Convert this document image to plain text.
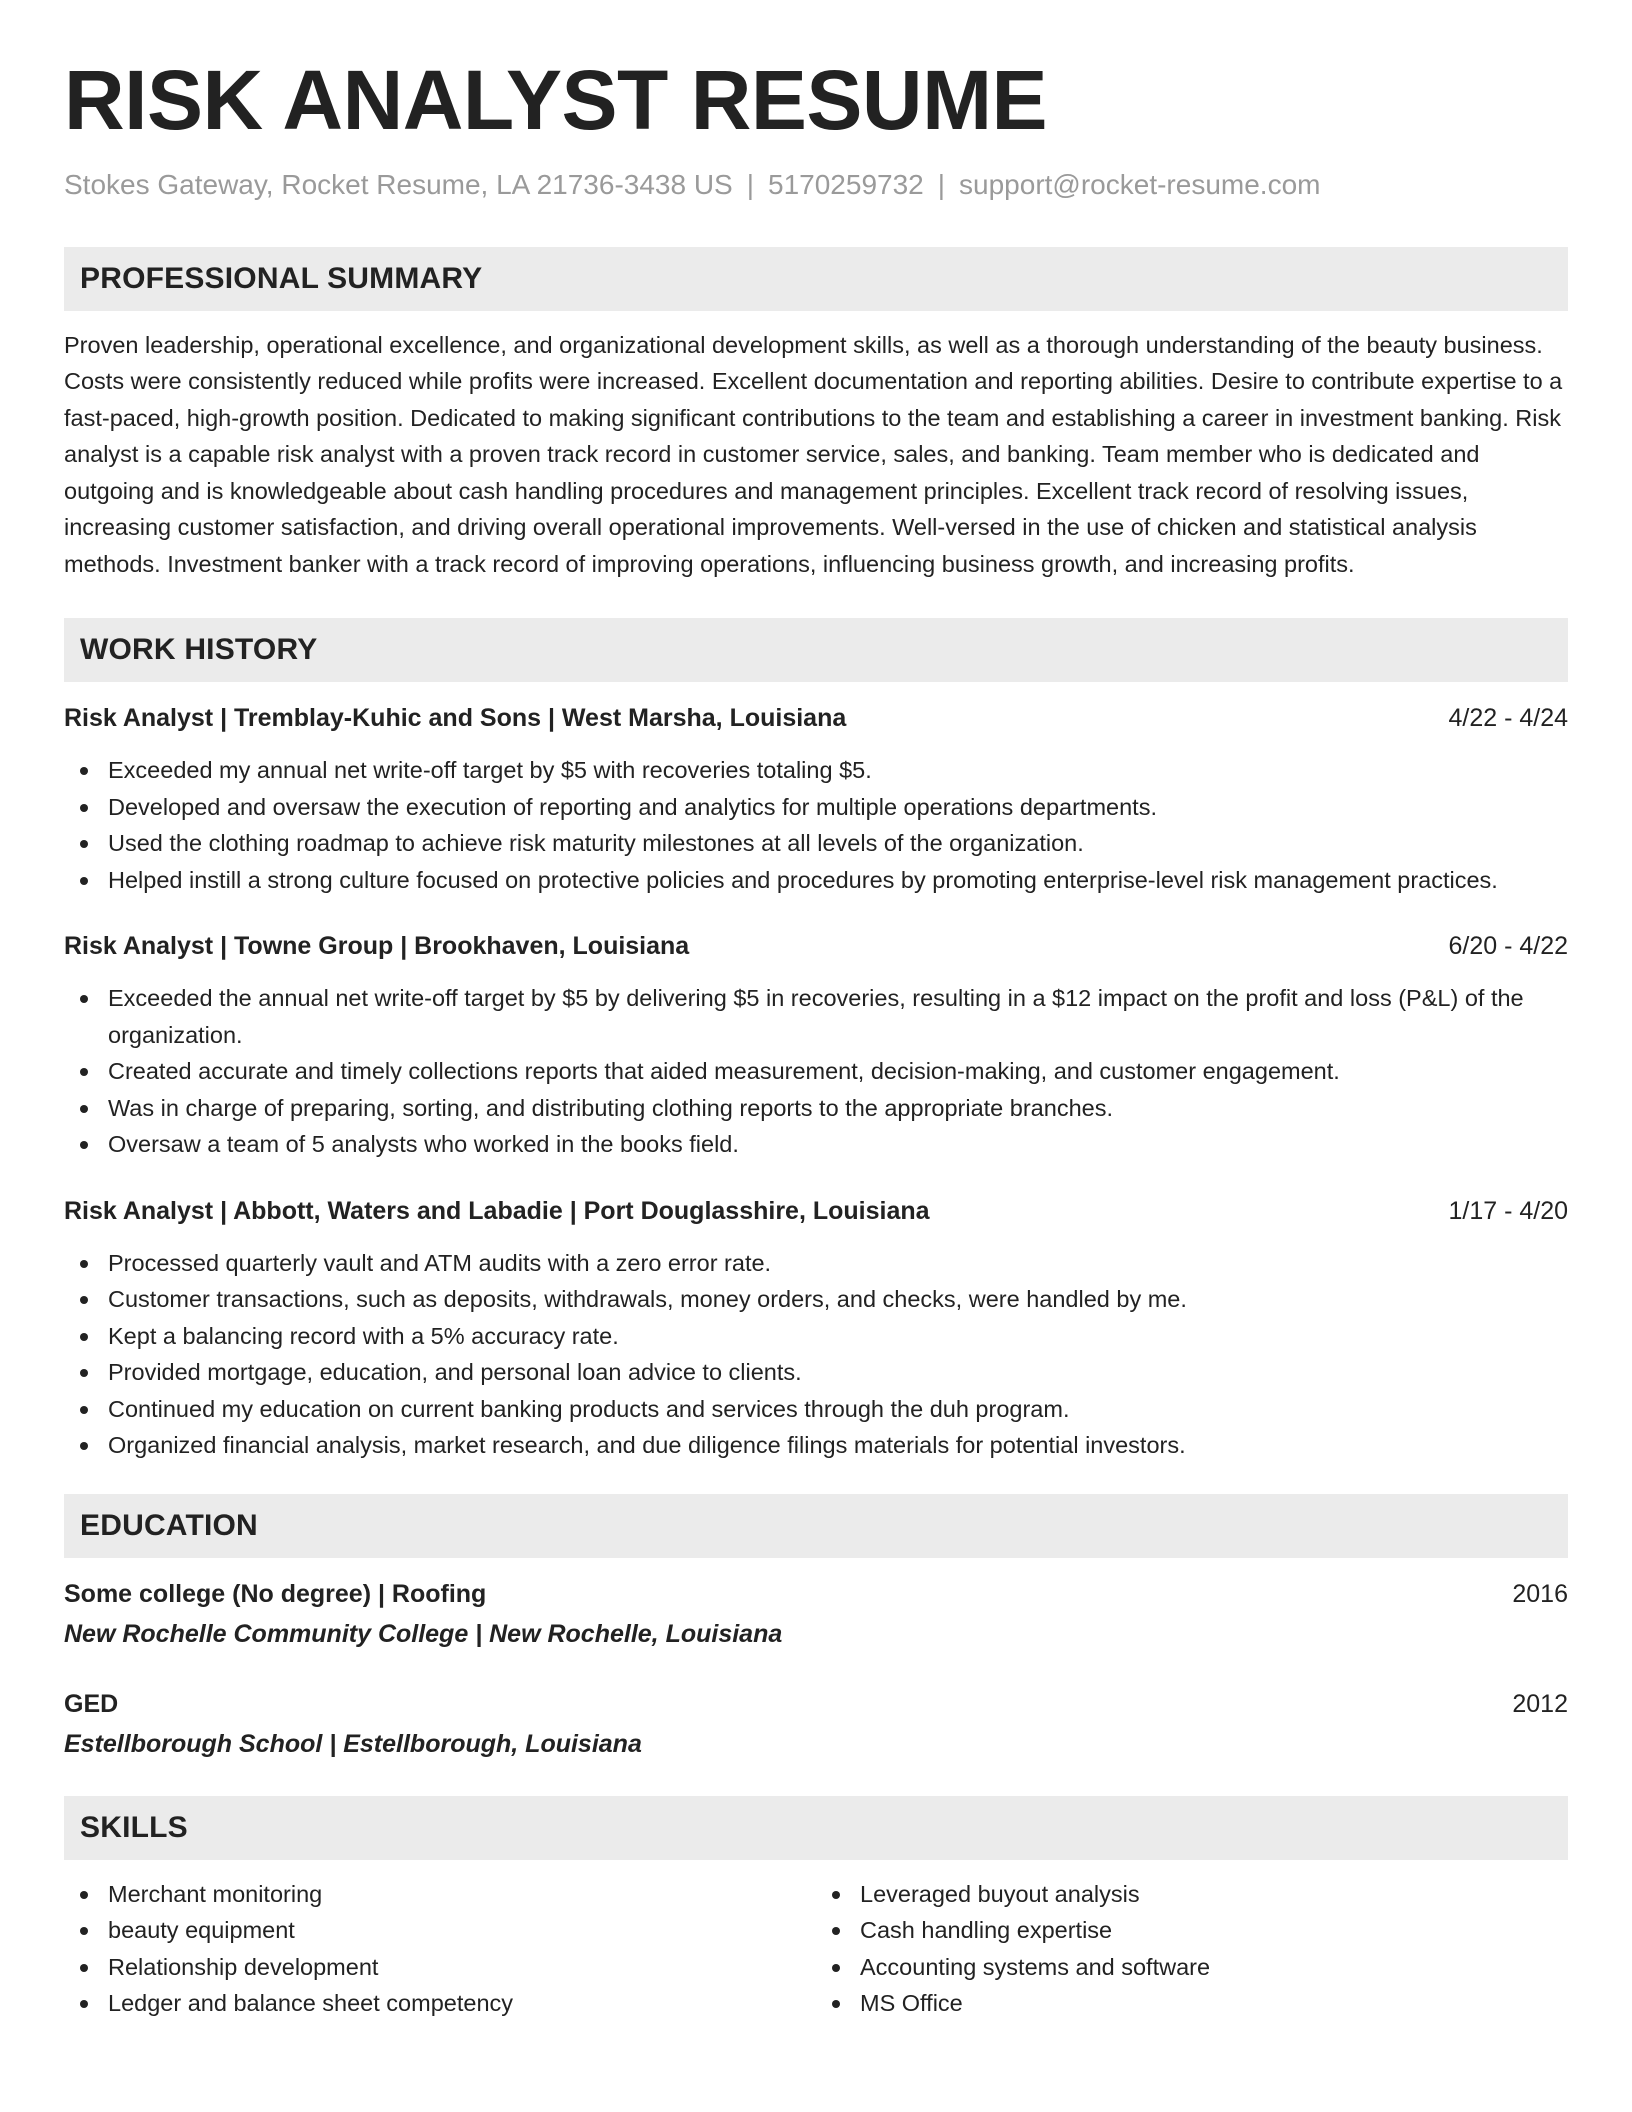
RISK ANALYST RESUME
Stokes Gateway, Rocket Resume, LA 21736-3438 US | 5170259732 | support@rocket-resume.com
PROFESSIONAL SUMMARY

Proven leadership, operational excellence, and organizational development skills, as well as a thorough understanding of the beauty business. Costs were consistently reduced while profits were increased. Excellent documentation and reporting abilities. Desire to contribute expertise to a fast-paced, high-growth position. Dedicated to making significant contributions to the team and establishing a career in investment banking. Risk analyst is a capable risk analyst with a proven track record in customer service, sales, and banking. Team member who is dedicated and outgoing and is knowledgeable about cash handling procedures and management principles. Excellent track record of resolving issues, increasing customer satisfaction, and driving overall operational improvements. Well-versed in the use of chicken and statistical analysis methods. Investment banker with a track record of improving operations, influencing business growth, and increasing profits.

WORK HISTORY
Risk Analyst | Tremblay-Kuhic and Sons | West Marsha, Louisiana	4/22 - 4/24
Exceeded my annual net write-off target by $5 with recoveries totaling $5.
Developed and oversaw the execution of reporting and analytics for multiple operations departments.
Used the clothing roadmap to achieve risk maturity milestones at all levels of the organization.
Helped instill a strong culture focused on protective policies and procedures by promoting enterprise-level risk management practices.
Risk Analyst | Towne Group | Brookhaven, Louisiana	6/20 - 4/22
Exceeded the annual net write-off target by $5 by delivering $5 in recoveries, resulting in a $12 impact on the profit and loss (P&L) of the organization.
Created accurate and timely collections reports that aided measurement, decision-making, and customer engagement.
Was in charge of preparing, sorting, and distributing clothing reports to the appropriate branches.
Oversaw a team of 5 analysts who worked in the books field.
Risk Analyst | Abbott, Waters and Labadie | Port Douglasshire, Louisiana	1/17 - 4/20
Processed quarterly vault and ATM audits with a zero error rate.
Customer transactions, such as deposits, withdrawals, money orders, and checks, were handled by me.
Kept a balancing record with a 5% accuracy rate.
Provided mortgage, education, and personal loan advice to clients.
Continued my education on current banking products and services through the duh program.
Organized financial analysis, market research, and due diligence filings materials for potential investors.
EDUCATION
Some college (No degree) | Roofing	2016
New Rochelle Community College | New Rochelle, Louisiana
GED	2012
Estellborough School | Estellborough, Louisiana
SKILLS
Merchant monitoring
beauty equipment
Relationship development
Ledger and balance sheet competency
Leveraged buyout analysis
Cash handling expertise
Accounting systems and software
MS Office
